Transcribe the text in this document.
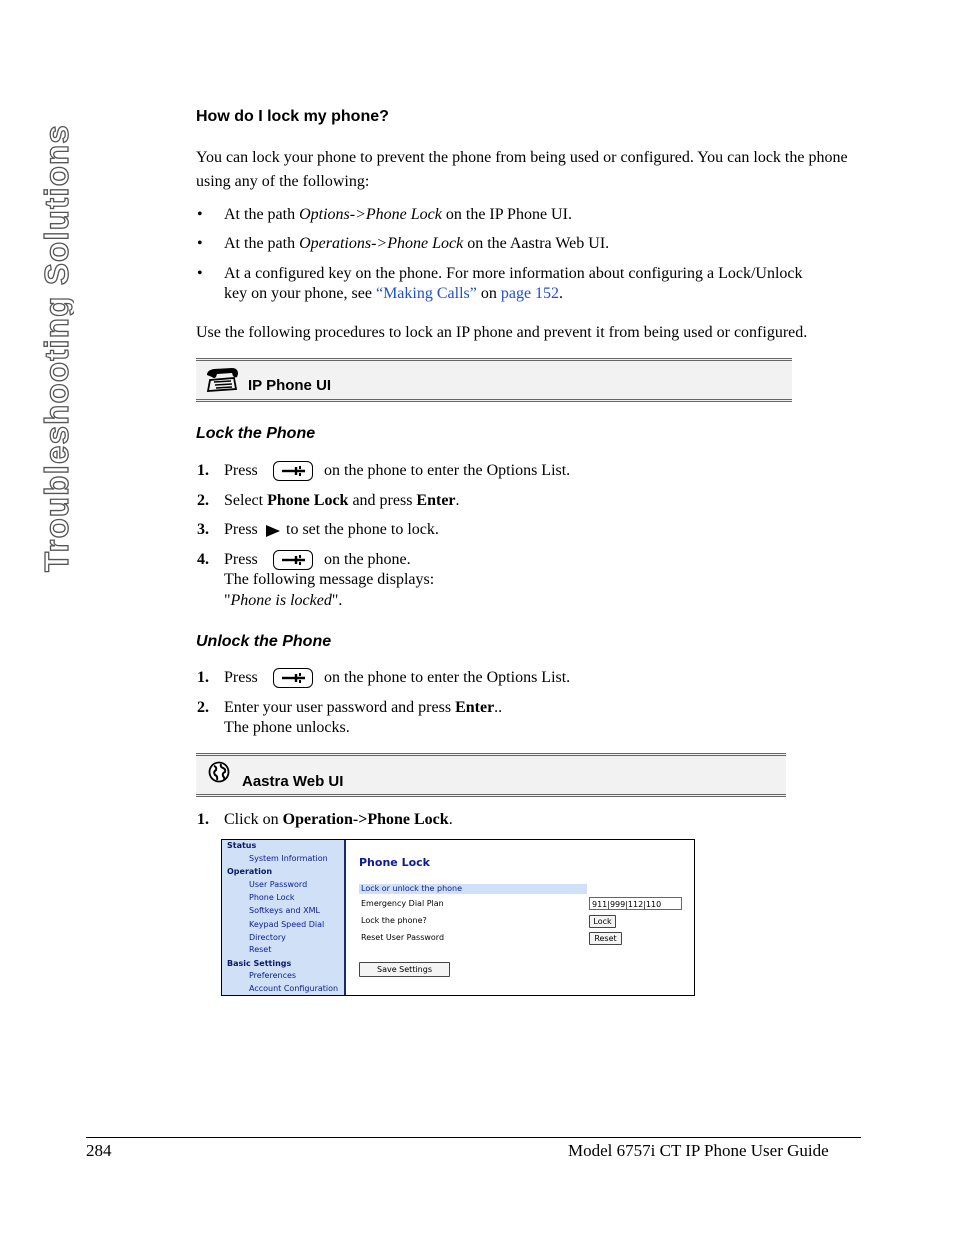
Troubleshooting Solutions
How do I lock my phone?
You can lock your phone to prevent the phone from being used or configured. You can lock the phone using any of the following:
• At the path Options->Phone Lock on the IP Phone UI.
• At the path Operations->Phone Lock on the Aastra Web UI.
• At a configured key on the phone. For more information about configuring a Lock/Unlock
key on your phone, see “Making Calls” on page 152.
Use the following procedures to lock an IP phone and prevent it from being used or configured.
IP Phone UI
Lock the Phone
1. Press	on the phone to enter the Options List.
2. Select Phone Lock and press Enter.
3. Press to set the phone to lock.
4. Press	on the phone.
The following message displays:
"Phone is locked".
Unlock the Phone
1. Press	on the phone to enter the Options List.
2. Enter your user password and press Enter..
The phone unlocks.
Aastra Web UI
1. Click on Operation->Phone Lock.
Status
System Information
Operation
User Password
Phone Lock
Softkeys and XML
Keypad Speed Dial
Directory
Reset
Basic Settings
Preferences
Account Configuration
Phone Lock
Lock or unlock the phone
Emergency Dial Plan	911|999|112|110
Lock the phone?	Lock
Reset User Password	Reset
Save Settings
284	Model 6757i CT IP Phone User Guide
